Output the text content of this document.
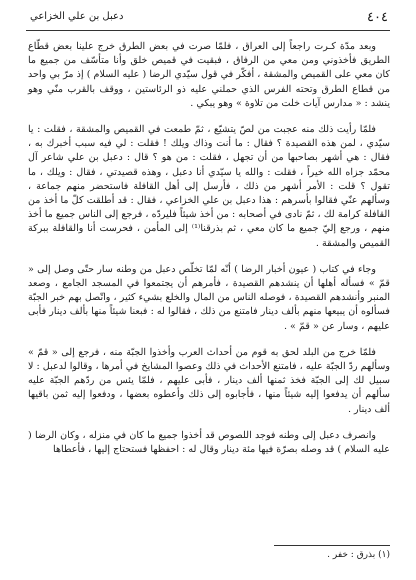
٤٠٤
دعبل بن علي الخزاعي

وبعد مدّة كـرت راجعاً إلى العراق ، فلمّا صرت في بعض الطرق خرج علينا بعض قطّاع الطريق فأخذوني ومن معي من الرفاق ، فبقيت في قميص خلق وأنا متأسّف من جميع ما كان معي على القميص والمشقة ، أفكّر في قول سيّدي الرضا ( عليه السلام ) إذ مرّ بي واحد من قطاع الطرق وتحته الفرس الذي حملني عليه ذو الرئاستين ، ووقف بالقرب منّي وهو ينشد : « مدارس آيات خلت من تلاوة » وهو يبكي .

فلمّا رأيت ذلك منه عجبت من لصّ يتشيّع ، ثمّ طمعت في القميص والمشقة ، فقلت : يا سيّدي ، لمن هذه القصيدة ؟ فقال : ما أنت وذاك ويلك ! فقلت : لي فيه سبب أخبرك به ، فقال : هي أشهر بصاحبها من أن تجهل ، فقلت : من هو ؟ قال : دعبل بن علي شاعر آل محمّد جزاه الله خيراً ، فقلت : والله يا سيّدي أنا دعبل ، وهذه قصيدتي ، فقال : ويلك ، ما تقول ؟ قلت : الأمر أشهر من ذلك ، فأرسل إلى أهل القافلة فاستحضر منهم جماعة ، وسألهم عنّي فقالوا بأسرهم : هذا دعبل بن علي الخزاعي ، فقال : قد أطلقت كلّ ما أخذ من القافلة كرامة لك ، ثمّ نادى في أصحابه : من أخذ شيئاً فليردّه ، فرجع إلى الناس جميع ما أخذ منهم ، ورجع إليّ جميع ما كان معي ، ثم بذرقنا⁽¹⁾ إلى المأمن ، فحرست أنا والقافلة ببركة القميص والمشقة .

وجاء في كتاب ( عيون أخبار الرضا ) أنّه لمّا تخلّص دعبل من وطنه سار حتّى وصل إلى « قمّ » فسأله أهلها أن ينشدهم القصيدة ، فأمرهم أن يجتمعوا في المسجد الجامع ، وصعد المنبر وأنشدهم القصيدة ، فوصله الناس من المال والخلع بشيء كثير ، واتّصل بهم خبر الجبّة فسألوه أن يبيعها منهم بألف دينار فامتنع من ذلك ، فقالوا له : فبعنا شيئاً منها بألف دينار فأبى عليهم ، وسار عن « قمّ » .

فلمّا خرج من البلد لحق به قوم من أحداث العرب وأخذوا الجبّة منه ، فرجع إلى « قمّ » وسألهم ردّ الجبّة عليه ، فامتنع الأحداث في ذلك وعصوا المشايخ في أمرها ، وقالوا لدعبل : لا سبيل لك إلى الجبّة فخذ ثمنها ألف دينار ، فأبى عليهم ، فلمّا يئس من ردّهم الجبّة عليه سألهم أن يدفعوا إليه شيئاً منها ، فأجابوه إلى ذلك وأعطوه بعضها ، ودفعوا إليه ثمن باقيها ألف دينار .

وانصرف دعبل إلى وطنه فوجد اللصوص قد أخذوا جميع ما كان في منزله ، وكان الرضا ( عليه السلام ) قد وصله بصرّة فيها مئة دينار وقال له : احفظها فستحتاج إليها ، فأعطاها

(١) بذرق : خفر .
